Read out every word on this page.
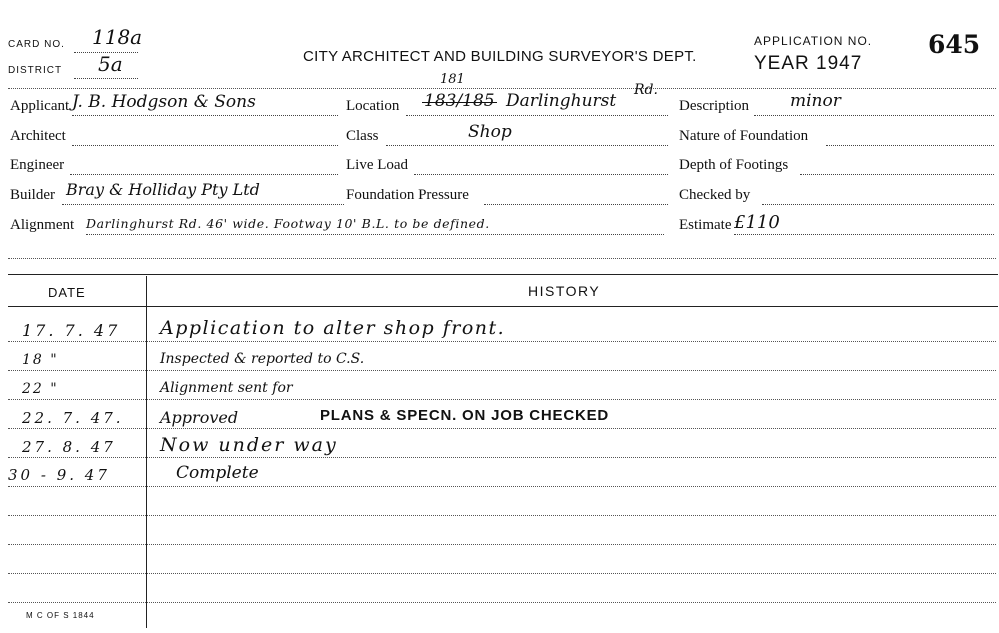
CARD NO. 118a
DISTRICT 5a	CITY ARCHITECT AND BUILDING SURVEYOR'S DEPT.
APPLICATION NO.
YEAR 1947
645
Applicant J. B. Hodgson & Sons
Architect
Engineer
Builder Bray & Holliday Pty Ltd
Alignment Darlinghurst Rd. 46' wide. Footway 10' B.L. to be defined.
181
Location 183/185 Darlinghurst
Rd.
Class	Shop
Live Load
Foundation Pressure
Description minor
Nature of Foundation
Depth of Footings
Checked by
Estimate £110
DATE	HISTORY
17. 7. 47 Application to alter shop front.
18 "	Inspected & reported to C.S.
22 "	Alignment sent for
22. 7. 47. Approved	PLANS & SPECN. ON JOB CHECKED
27. 8. 47 Now under way
30 - 9. 47	Complete
M C OF S 1844
